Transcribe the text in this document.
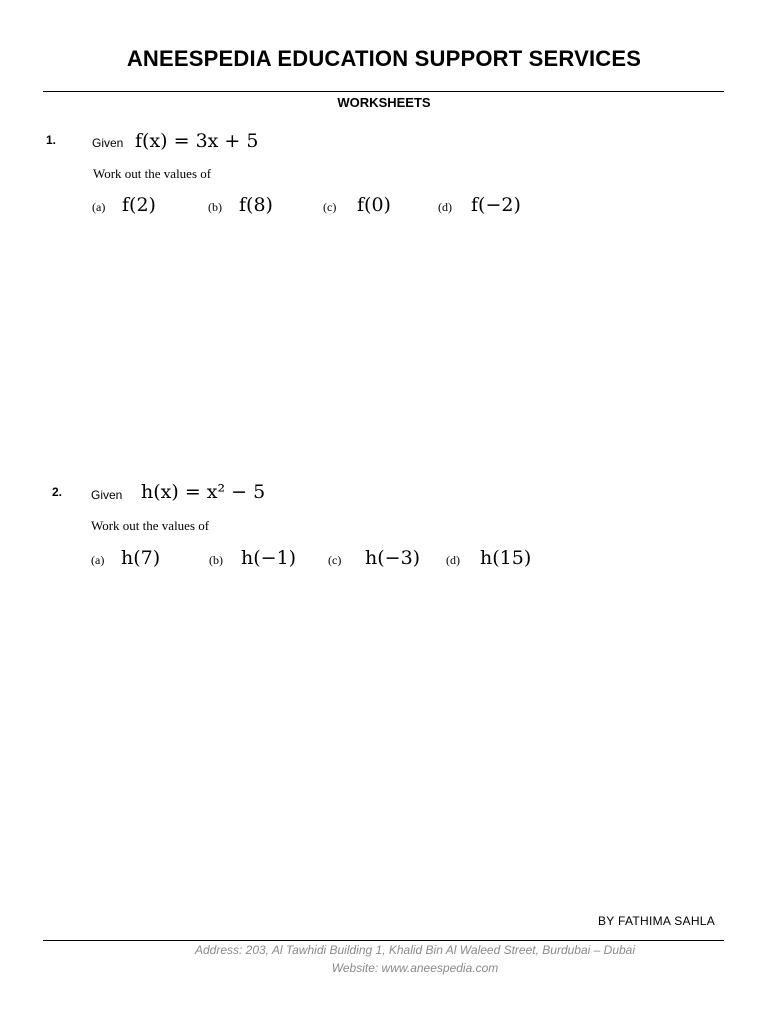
ANEESPEDIA EDUCATION SUPPORT SERVICES
WORKSHEETS
1.	Given f(x) = 3x + 5
Work out the values of
(a) f(2)	(b) f(8)	(c) f(0)	(d) f(−2)
2. Given h(x) = x² − 5
Work out the values of
(a) h(7)	(b) h(−1)	(c) h(−3) (d) h(15)
BY FATHIMA SAHLA
Address: 203, Al Tawhidi Building 1, Khalid Bin Al Waleed Street, Burdubai – Dubai
Website: www.aneespedia.com
